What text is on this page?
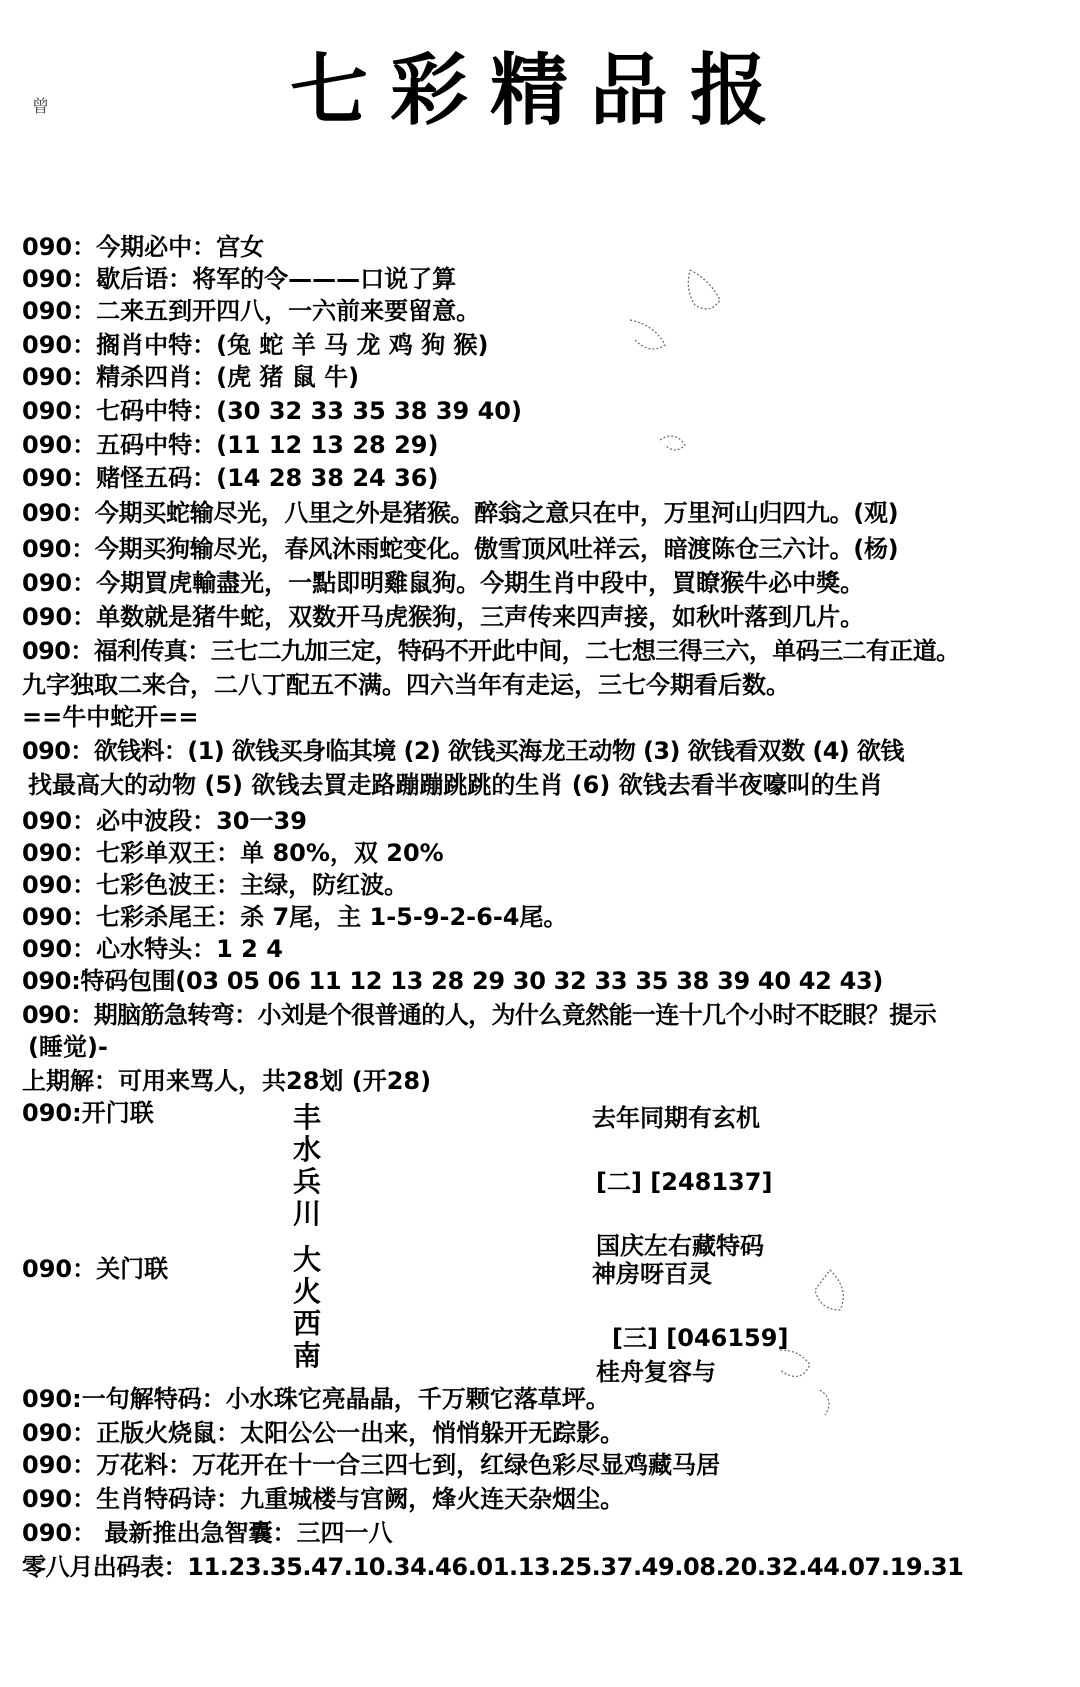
七彩精品报
曾
090：今期必中：宫女
090：歇后语：将军的令———口说了算
090：二来五到开四八，一六前来要留意。
090：搁肖中特：(兔 蛇 羊 马 龙 鸡 狗 猴)
090：精杀四肖：(虎 猪 鼠 牛)
090：七码中特：(30 32 33 35 38 39 40)
090：五码中特：(11 12 13 28 29)
090：赌怪五码：(14 28 38 24 36)
090：今期买蛇输尽光，八里之外是猪猴。醉翁之意只在中，万里河山归四九。(观)
090：今期买狗输尽光，春风沐雨蛇变化。傲雪顶风吐祥云，暗渡陈仓三六计。(杨)
090：今期買虎輸盡光，一點即明雞鼠狗。今期生肖中段中，買瞭猴牛必中獎。
090：单数就是猪牛蛇，双数开马虎猴狗，三声传来四声接，如秋叶落到几片。
090：福利传真：三七二九加三定，特码不开此中间，二七想三得三六，单码三二有正道。
九字独取二来合，二八丁配五不满。四六当年有走运，三七今期看后数。
==牛中蛇开==
090：欲钱料：(1) 欲钱买身临其境 (2) 欲钱买海龙王动物 (3) 欲钱看双数 (4) 欲钱
找最高大的动物 (5) 欲钱去買走路蹦蹦跳跳的生肖 (6) 欲钱去看半夜嚎叫的生肖
090：必中波段：30一39
090：七彩单双王：单 80%，双 20%
090：七彩色波王：主绿，防红波。
090：七彩杀尾王：杀 7尾，主 1-5-9-2-6-4尾。
090：心水特头：1 2 4
090:特码包围(03 05 06 11 12 13 28 29 30 32 33 35 38 39 40 42 43)
090：期脑筋急转弯：小刘是个很普通的人，为什么竟然能一连十几个小时不眨眼？提示
(睡觉)-
上期解：可用来骂人，共28划 (开28)
090:开门联
090：关门联
090:一句解特码：小水珠它亮晶晶，千万颗它落草坪。
090：正版火烧鼠：太阳公公一出来，悄悄躲开无踪影。
090：万花料：万花开在十一合三四七到，红绿色彩尽显鸡藏马居
090：生肖特码诗：九重城楼与宫阙，烽火连天杂烟尘。
090： 最新推出急智囊：三四一八
零八月出码表：11.23.35.47.10.34.46.01.13.25.37.49.08.20.32.44.07.19.31
丰
水
兵
川
大
火
西
南
去年同期有玄机
[二] [248137]
国庆左右藏特码
神房呀百灵
[三] [046159]
桂舟复容与
